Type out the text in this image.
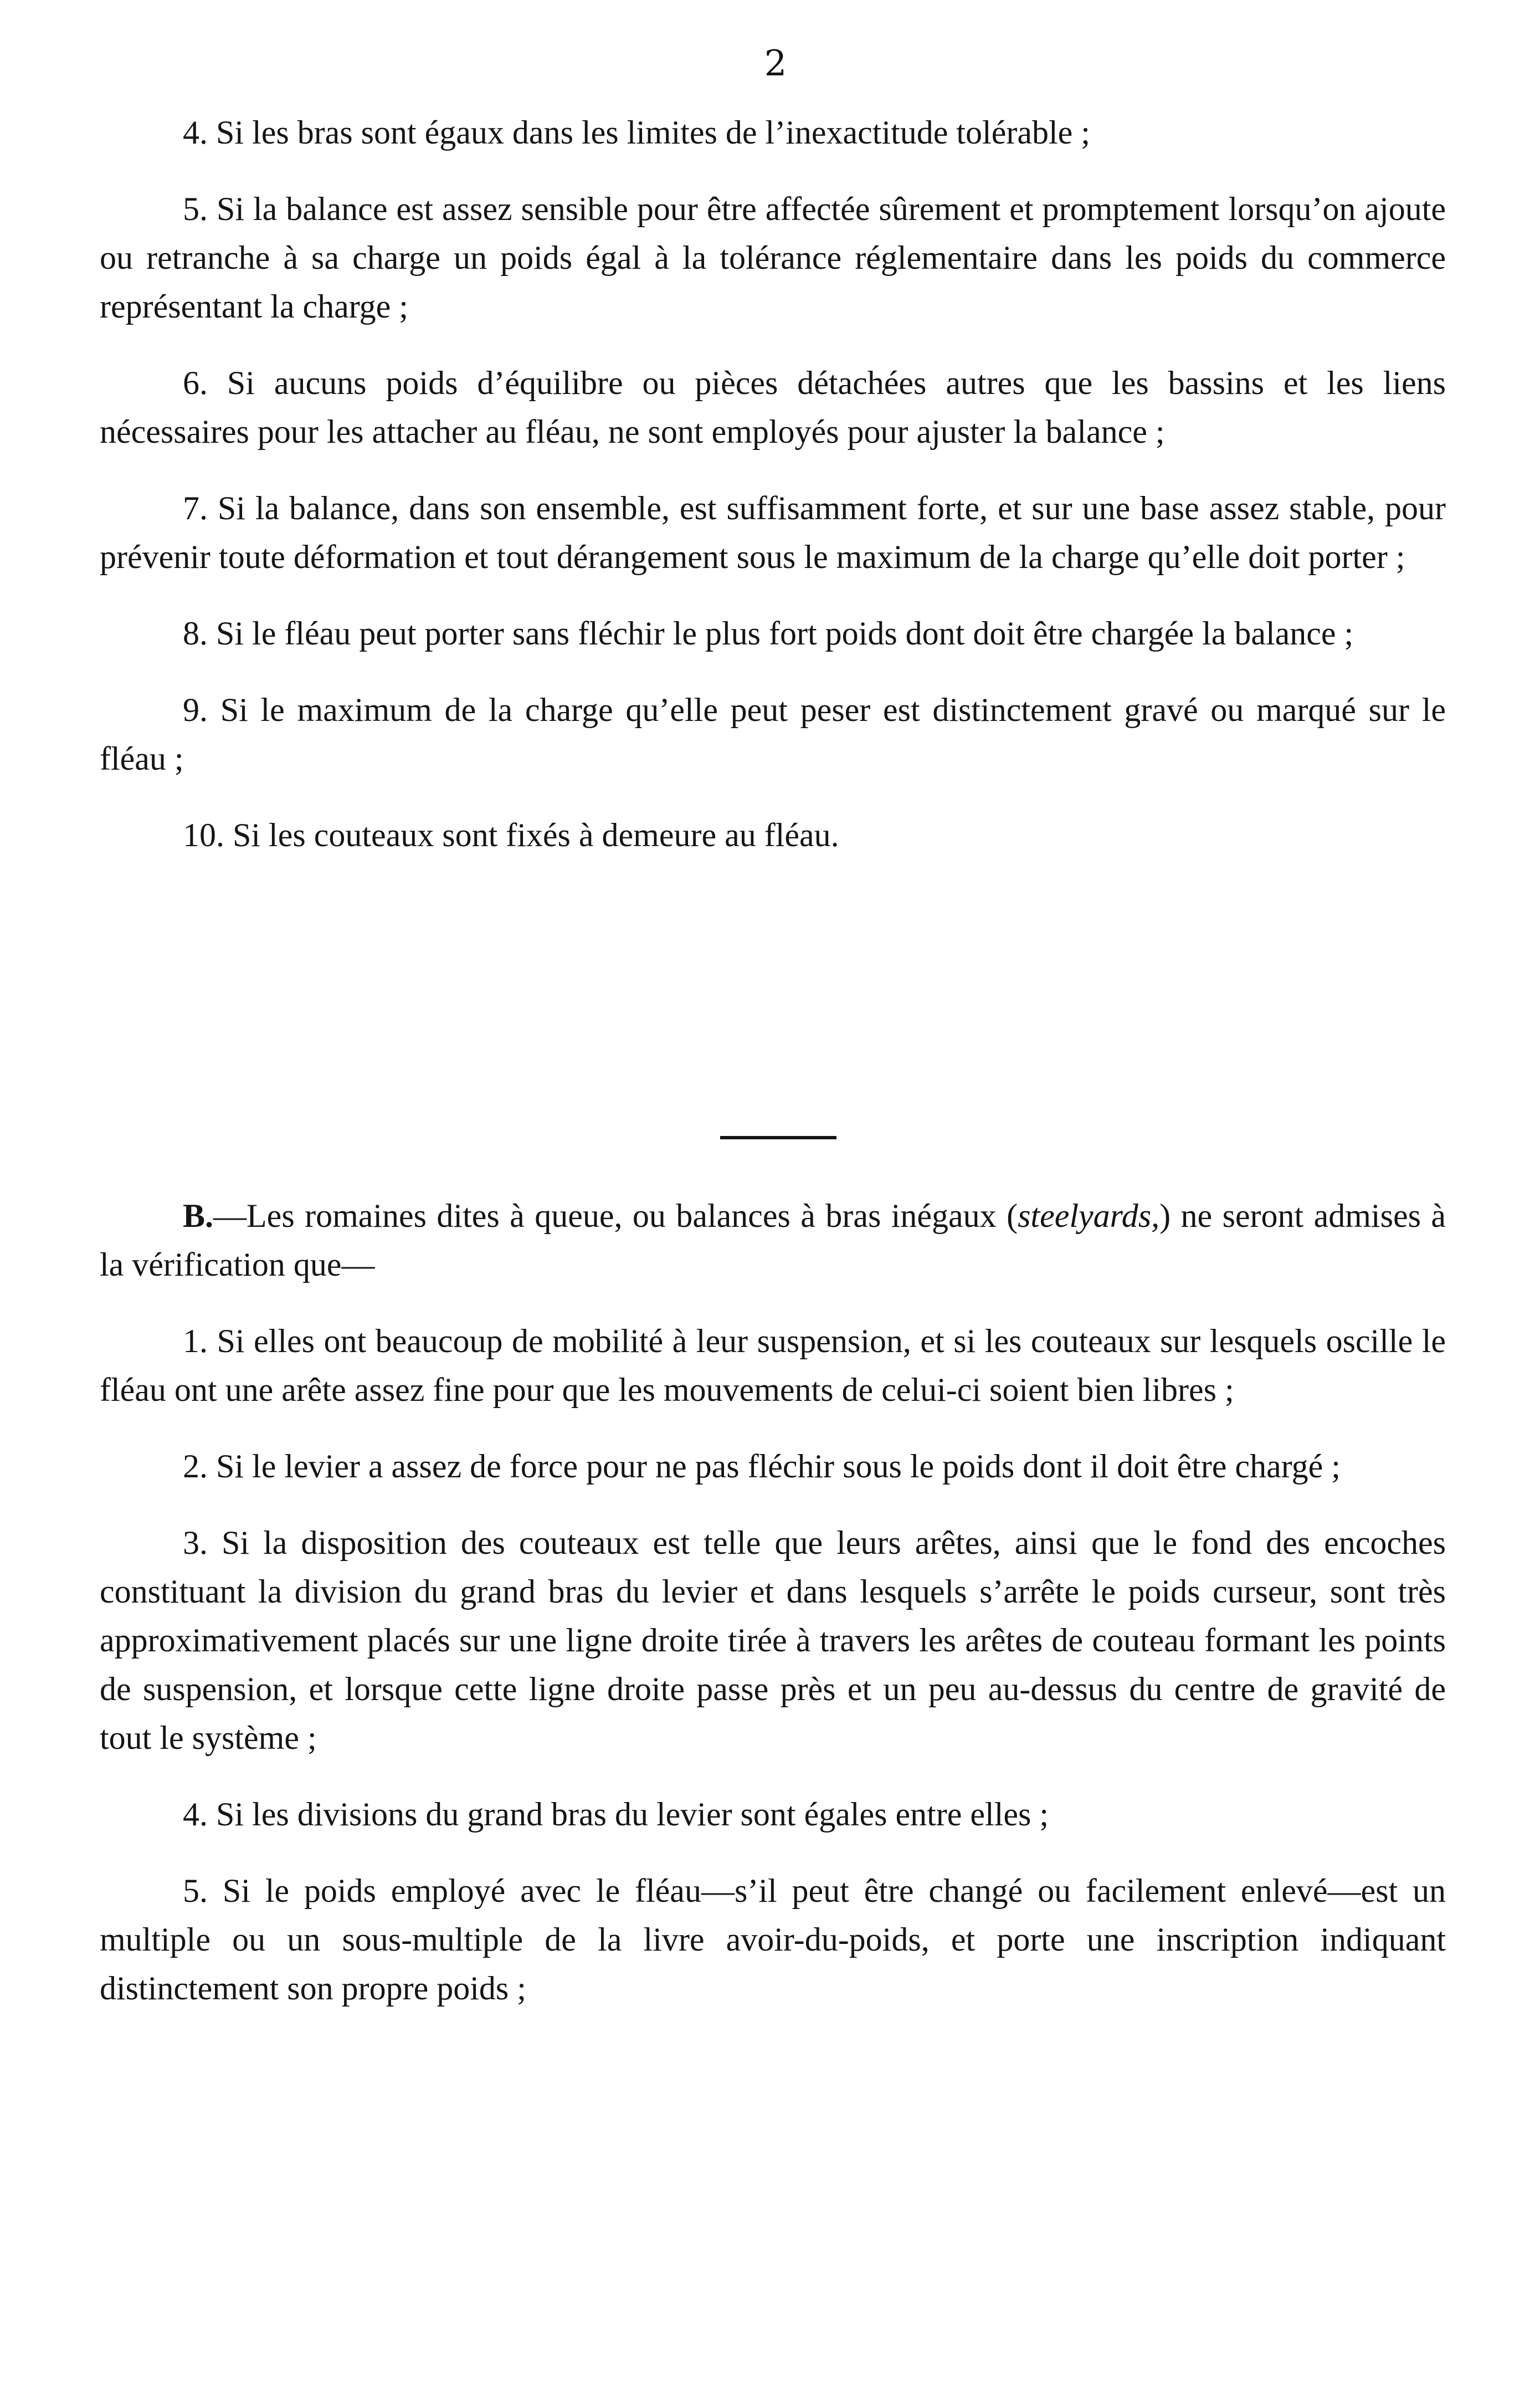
2

4. Si les bras sont égaux dans les limites de l’inexactitude tolérable ;

5. Si la balance est assez sensible pour être affectée sûrement et promptement lorsqu’on ajoute ou retranche à sa charge un poids égal à la tolérance réglementaire dans les poids du commerce représentant la charge ;

6. Si aucuns poids d’équilibre ou pièces détachées autres que les bassins et les liens nécessaires pour les attacher au fléau, ne sont employés pour ajuster la balance ;

7. Si la balance, dans son ensemble, est suffisamment forte, et sur une base assez stable, pour prévenir toute déformation et tout dérangement sous le maximum de la charge qu’elle doit porter ;

8. Si le fléau peut porter sans fléchir le plus fort poids dont doit être chargée la balance ;

9. Si le maximum de la charge qu’elle peut peser est distinctement gravé ou marqué sur le fléau ;

10. Si les couteaux sont fixés à demeure au fléau.

B.—Les romaines dites à queue, ou balances à bras inégaux (steelyards,) ne seront admises à la vérification que—

1. Si elles ont beaucoup de mobilité à leur suspension, et si les couteaux sur lesquels oscille le fléau ont une arête assez fine pour que les mouvements de celui-ci soient bien libres ;

2. Si le levier a assez de force pour ne pas fléchir sous le poids dont il doit être chargé ;

3. Si la disposition des couteaux est telle que leurs arêtes, ainsi que le fond des encoches constituant la division du grand bras du levier et dans lesquels s’arrête le poids curseur, sont très approximativement placés sur une ligne droite tirée à travers les arêtes de couteau formant les points de suspension, et lorsque cette ligne droite passe près et un peu au-dessus du centre de gravité de tout le système ;

4. Si les divisions du grand bras du levier sont égales entre elles ;

5. Si le poids employé avec le fléau—s’il peut être changé ou facilement enlevé—est un multiple ou un sous-multiple de la livre avoir-du-poids, et porte une inscription indiquant distinctement son propre poids ;
